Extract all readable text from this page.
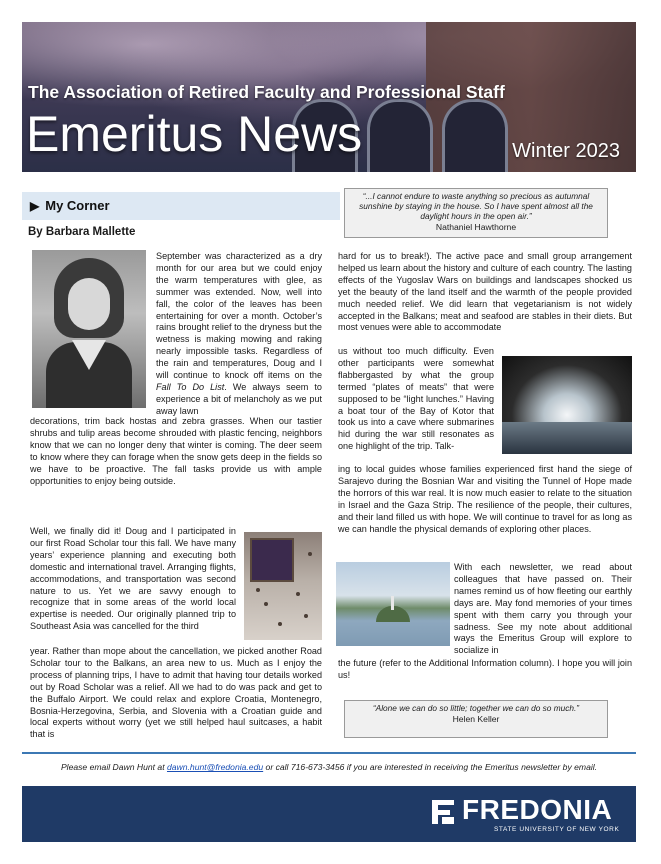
The Association of Retired Faculty and Professional Staff
Emeritus News	Winter 2023
▶ My Corner
“...I cannot endure to waste anything so precious as autumnal sunshine by staying in the house. So I have spent almost all the daylight hours in the open air.”
Nathaniel Hawthorne
By Barbara Mallette

September was characterized as a dry month for our area but we could enjoy the warm temperatures with glee, as summer was extended. Now, well into fall, the color of the leaves has been entertaining for over a month. October’s rains brought relief to the dryness but the wetness is making mowing and raking nearly impossible tasks. Regardless of the rain and temperatures, Doug and I will continue to knock off items on the Fall To Do List. We always seem to experience a bit of melancholy as we put away lawn

decorations, trim back hostas and zebra grasses. When our tastier shrubs and tulip areas become shrouded with plastic fencing, neighbors know that we can no longer deny that winter is coming. The deer seem to know where they can forage when the snow gets deep in the fields so we have to be proactive. The fall tasks provide us with ample opportunities to enjoy being outside.

Well, we finally did it! Doug and I participated in our first Road Scholar tour this fall. We have many years’ experience planning and executing both domestic and international travel. Arranging flights, accommodations, and transportation was second nature to us. Yet we are savvy enough to recognize that in some areas of the world local expertise is needed. Our originally planned trip to Southeast Asia was cancelled for the third

year. Rather than mope about the cancellation, we picked another Road Scholar tour to the Balkans, an area new to us. Much as I enjoy the process of planning trips, I have to admit that having tour details worked out by Road Scholar was a relief. All we had to do was pack and get to the Buffalo Airport. We could relax and explore Croatia, Montenegro, Bosnia-Herzegovina, Serbia, and Slovenia with a Croatian guide and local experts without worry (yet we still helped haul suitcases, a habit that is

hard for us to break!). The active pace and small group arrangement helped us learn about the history and culture of each country. The lasting effects of the Yugoslav Wars on buildings and landscapes shocked us yet the beauty of the land itself and the warmth of the people provided much needed relief. We did learn that vegetarianism is not widely accepted in the Balkans; meat and seafood are stables in their diets. But most venues were able to accommodate

us without too much difficulty. Even other participants were somewhat flabbergasted by what the group termed “plates of meats” that were supposed to be “light lunches.” Having a boat tour of the Bay of Kotor that took us into a cave where submarines hid during the war still resonates as one highlight of the trip. Talk-

ing to local guides whose families experienced first hand the siege of Sarajevo during the Bosnian War and visiting the Tunnel of Hope made the horrors of this war real. It is now much easier to relate to the situation in Israel and the Gaza Strip. The resilience of the people, their cultures, and their land filled us with hope. We will continue to travel for as long as we can handle the physical demands of exploring other places.

With each newsletter, we read about colleagues that have passed on. Their names remind us of how fleeting our earthly days are. May fond memories of your times spent with them carry you through your sadness. See my note about additional ways the Emeritus Group will explore to socialize in

the future (refer to the Additional Information column). I hope you will join us!

“Alone we can do so little; together we can do so much.”
Helen Keller
Please email Dawn Hunt at dawn.hunt@fredonia.edu or call 716-673-3456 if you are interested in receiving the Emeritus newsletter by email.
FREDONIA
STATE UNIVERSITY OF NEW YORK
